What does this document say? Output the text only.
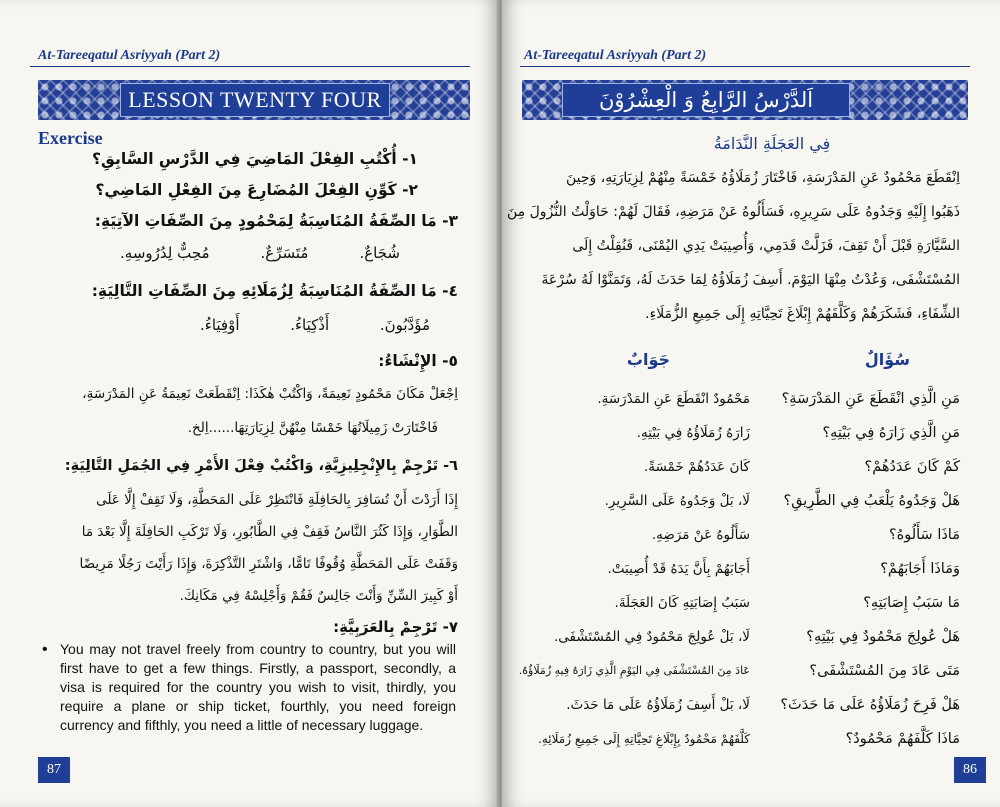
At-Tareeqatul Asriyyah (Part 2)
LESSON TWENTY FOUR
Exercise
١- أُكْتُبِ الفِعْلَ المَاضِيَ فِي الدَّرْسِ السَّابِقِ؟
٢- كَوِّنِ الفِعْلَ المُضَارِعَ مِنَ الفِعْلِ المَاضِي؟
٣- مَا الصِّفَةُ المُنَاسِبَةُ لِمَحْمُودٍ مِنَ الصِّفَاتِ الآتِيَةِ:
شُجَاعٌ.
مُتَسَرِّعٌ.
مُحِبٌّ لِدُرُوسِهِ.
٤- مَا الصِّفَةُ المُنَاسِبَةُ لِزُمَلَائِهِ مِنَ الصِّفَاتِ التَّالِيَةِ:
مُؤَدَّبُونَ.
أَذْكِيَاءُ.
أَوْفِيَاءُ.
٥- الإِنْشَاءُ:
اِجْعَلْ مَكَانَ مَحْمُودٍ نَعِيمَةً، وَاكْتُبْ هٰكَذَا: اِنْقَطَعَتْ نَعِيمَةُ عَنِ المَدْرَسَةِ،
فَاخْتَارَتْ زَمِيلَاتُهَا خَمْسًا مِنْهُنَّ لِزِيَارَتِهَا......اِلخ.
٦- تَرْجِمْ بِالإِنْجِلِيزِيَّةِ، وَاكْتُبْ فِعْلَ الأَمْرِ فِي الجُمَلِ التَّالِيَةِ:
إِذَا أَرَدْتَ أَنْ تُسَافِرَ بِالحَافِلَةِ فَانْتَظِرْ عَلَى المَحَطَّةِ، وَلَا تَقِفْ إِلَّا عَلَى
الطَّوَارِ، وَإِذَا كَثُرَ النَّاسُ فَقِفْ فِي الطَّابُورِ، وَلَا تَرْكَبِ الحَافِلَةَ إِلَّا بَعْدَ مَا
وَقَفَتْ عَلَى المَحَطَّةِ وُقُوفًا تَامًّا، وَاشْتَرِ التَّذْكِرَةَ، وَإِذَا رَأَيْتَ رَجُلًا مَرِيضًا
أَوْ كَبِيرَ السِّنِّ وَأَنْتَ جَالِسٌ فَقُمْ وَأَجْلِسْهُ فِي مَكَانِكَ.
٧- تَرْجِمْ بِالعَرَبِيَّةِ:
• You may not travel freely from country to country, but you will first have to get a few things. Firstly, a passport, secondly, a visa is required for the country you wish to visit, thirdly, you require a plane or ship ticket, fourthly, you need foreign currency and fifthly, you need a little of necessary luggage.
87
At-Tareeqatul Asriyyah (Part 2)
اَلدَّرْسُ الرَّابِعُ وَ الْعِشْرُوْنَ
فِي العَجَلَةِ النَّدَامَةُ
اِنْقَطَعَ مَحْمُودٌ عَنِ المَدْرَسَةِ، فَاخْتَارَ زُمَلَاؤُهُ خَمْسَةً مِنْهُمْ لِزِيَارَتِهِ، وَحِينَ
ذَهَبُوا إِلَيْهِ وَجَدُوهُ عَلَى سَرِيرِهِ، فَسَأَلُوهُ عَنْ مَرَضِهِ، فَقَالَ لَهُمْ: حَاوَلْتُ النُّزُولَ مِنَ
السَّيَّارَةِ قَبْلَ أَنْ تَقِفَ، فَزَلَّتْ قَدَمِي، وَأُصِيبَتْ يَدِي اليُمْنَى، فَنُقِلْتُ إِلَى
المُسْتَشْفَى، وَعُدْتُ مِنْهَا اليَوْمَ. أَسِفَ زُمَلَاؤُهُ لِمَا حَدَثَ لَهُ، وَتَمَنَّوْا لَهُ سُرْعَةَ
الشِّفَاءِ، فَشَكَرَهُمْ وَكَلَّفَهُمْ إِبْلَاغَ تَحِيَّاتِهِ إِلَى جَمِيعِ الزُّمَلَاءِ.
سُؤَالٌ
جَوَابٌ
مَنِ الَّذِي انْقَطَعَ عَنِ المَدْرَسَةِ؟
مَنِ الَّذِي زَارَهُ فِي بَيْتِهِ؟
كَمْ كَانَ عَدَدُهُمْ؟
هَلْ وَجَدُوهُ يَلْعَبُ فِي الطَّرِيقِ؟
مَاذَا سَأَلُوهُ؟
وَمَاذَا أَجَابَهُمْ؟
مَا سَبَبُ إِصَابَتِهِ؟
هَلْ عُولِجَ مَحْمُودٌ فِي بَيْتِهِ؟
مَتَى عَادَ مِنَ المُسْتَشْفَى؟
هَلْ فَرِحَ زُمَلَاؤُهُ عَلَى مَا حَدَثَ؟
مَاذَا كَلَّفَهُمْ مَحْمُودٌ؟
مَحْمُودٌ انْقَطَعَ عَنِ المَدْرَسَةِ.
زَارَهُ زُمَلَاؤُهُ فِي بَيْتِهِ.
كَانَ عَدَدُهُمْ خَمْسَةً.
لَا، بَلْ وَجَدُوهُ عَلَى السَّرِيرِ.
سَأَلُوهُ عَنْ مَرَضِهِ.
أَجَابَهُمْ بِأَنَّ يَدَهُ قَدْ أُصِيبَتْ.
سَبَبُ إِصَابَتِهِ كَانَ العَجَلَةَ.
لَا، بَلْ عُولِجَ مَحْمُودٌ فِي المُسْتَشْفَى.
عَادَ مِنَ المُسْتَشْفَى فِي اليَوْمِ الَّذِي زَارَهُ فِيهِ زُمَلَاؤُهُ.
لَا، بَلْ أَسِفَ زُمَلَاؤُهُ عَلَى مَا حَدَثَ.
كَلَّفَهُمْ مَحْمُودٌ بِإِبْلَاغِ تَحِيَّاتِهِ إِلَى جَمِيعِ زُمَلَائِهِ.
86
